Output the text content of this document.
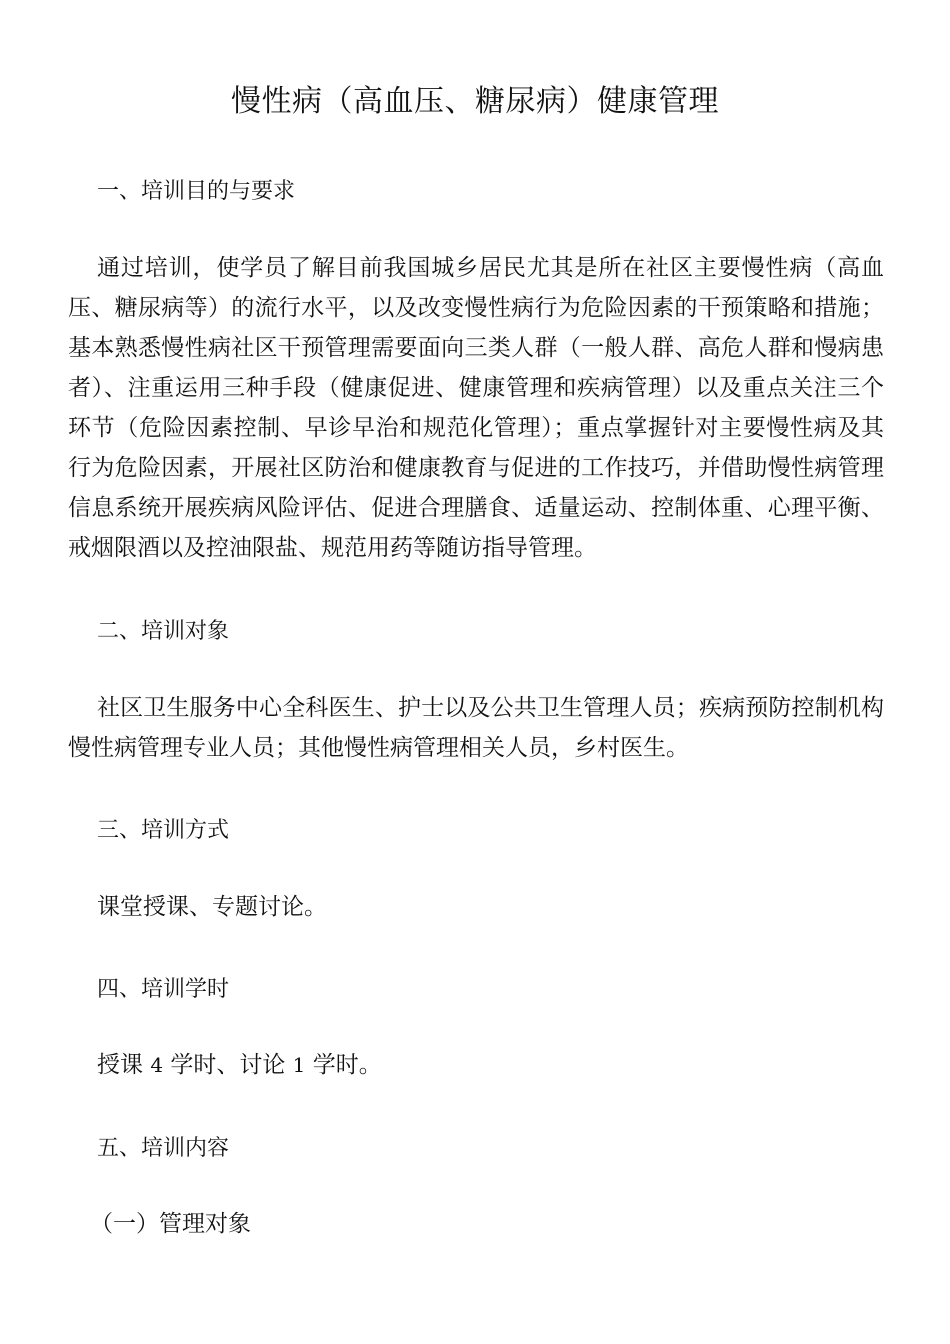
慢性病（高血压、糖尿病）健康管理
一、培训目的与要求
通过培训，使学员了解目前我国城乡居民尤其是所在社区主要慢性病（高血压、糖尿病等）的流行水平，以及改变慢性病行为危险因素的干预策略和措施；基本熟悉慢性病社区干预管理需要面向三类人群（一般人群、高危人群和慢病患者）、注重运用三种手段（健康促进、健康管理和疾病管理）以及重点关注三个环节（危险因素控制、早诊早治和规范化管理）；重点掌握针对主要慢性病及其行为危险因素，开展社区防治和健康教育与促进的工作技巧，并借助慢性病管理信息系统开展疾病风险评估、促进合理膳食、适量运动、控制体重、心理平衡、戒烟限酒以及控油限盐、规范用药等随访指导管理。
二、培训对象
社区卫生服务中心全科医生、护士以及公共卫生管理人员；疾病预防控制机构慢性病管理专业人员；其他慢性病管理相关人员，乡村医生。
三、培训方式
课堂授课、专题讨论。
四、培训学时
授课 4 学时、讨论 1 学时。
五、培训内容
（一）管理对象
